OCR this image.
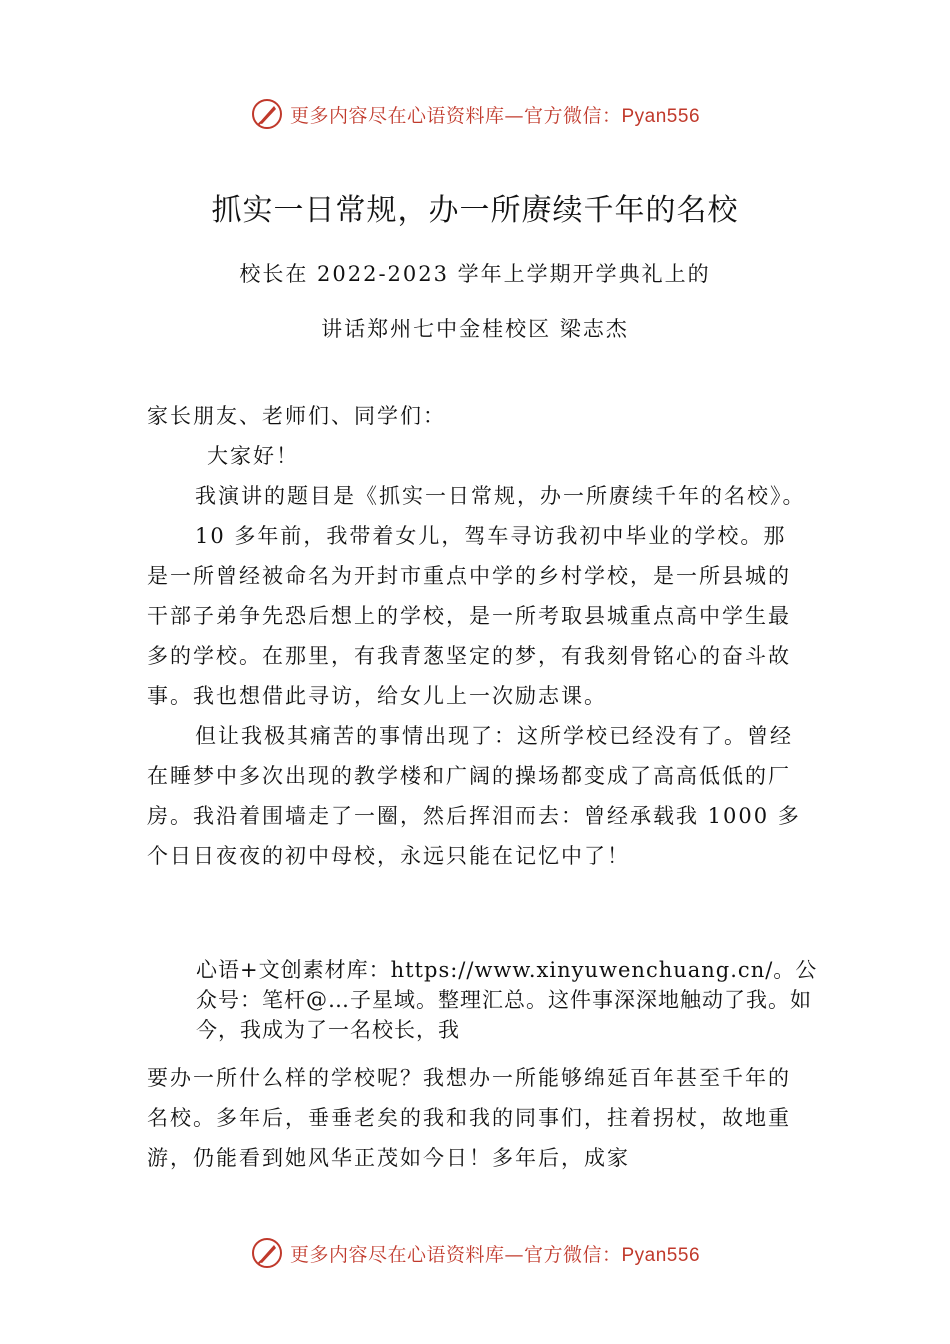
更多内容尽在心语资料库—官方微信：Pyan556
抓实一日常规，办一所赓续千年的名校
校长在 2022-2023 学年上学期开学典礼上的
讲话郑州七中金桂校区 梁志杰
家长朋友、老师们、同学们：
大家好！

我演讲的题目是《抓实一日常规，办一所赓续千年的名校》。

10 多年前，我带着女儿，驾车寻访我初中毕业的学校。那是一所曾经被命名为开封市重点中学的乡村学校，是一所县城的干部子弟争先恐后想上的学校，是一所考取县城重点高中学生最多的学校。在那里，有我青葱坚定的梦，有我刻骨铭心的奋斗故事。我也想借此寻访，给女儿上一次励志课。

但让我极其痛苦的事情出现了：这所学校已经没有了。曾经在睡梦中多次出现的教学楼和广阔的操场都变成了高高低低的厂房。我沿着围墙走了一圈，然后挥泪而去：曾经承载我 1000 多个日日夜夜的初中母校，永远只能在记忆中了！

心语+文创素材库：https://www.xinyuwenchuang.cn/。公众号：笔杆@…子星域。整理汇总。这件事深深地触动了我。如今，我成为了一名校长，我

要办一所什么样的学校呢？我想办一所能够绵延百年甚至千年的名校。多年后，垂垂老矣的我和我的同事们，拄着拐杖，故地重游，仍能看到她风华正茂如今日！多年后，成家

更多内容尽在心语资料库—官方微信：Pyan556
